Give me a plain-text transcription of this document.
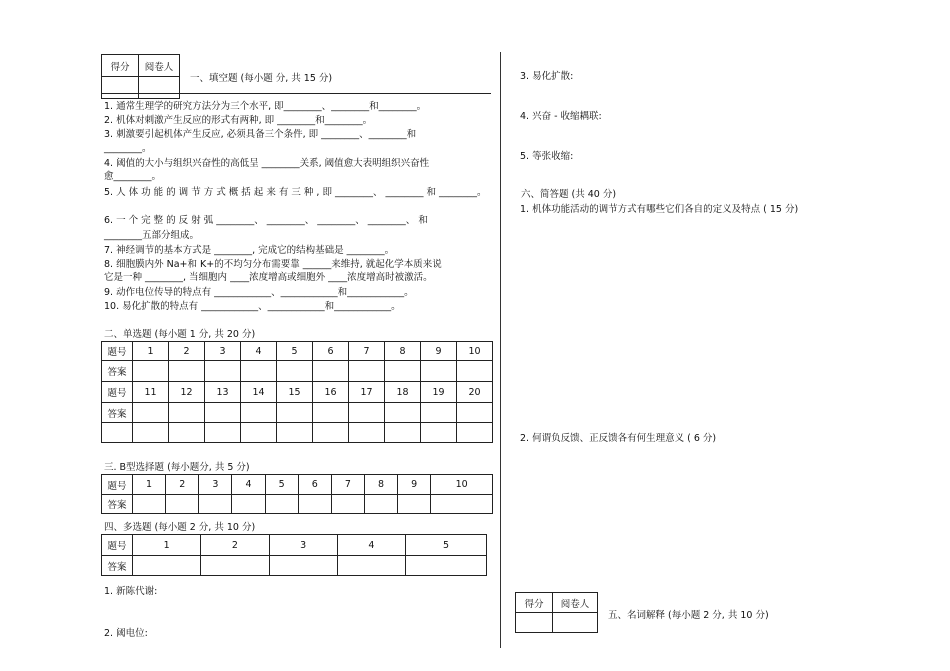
得分	阅卷人

一、填空题 (每小题 分, 共 15 分)
1. 通常生理学的研究方法分为三个水平, 即________、________和________。
2. 机体对刺激产生反应的形式有两种, 即 ________和________。
3. 刺激要引起机体产生反应, 必须具备三个条件, 即 ________、________和
________。
4. 阈值的大小与组织兴奋性的高低呈 ________关系, 阈值愈大表明组织兴奋性
愈________。
5. 人 体 功 能 的 调 节 方 式 概 括 起 来 有 三 种 , 即 ________、 ________ 和 ________。
6. 一 个 完 整 的 反 射 弧 ________、 ________、 ________、 ________、 和
________五部分组成。
7. 神经调节的基本方式是 ________, 完成它的结构基础是 ________。
8. 细胞膜内外 Na+和 K+的不均匀分布需要靠 ______来维持, 就起化学本质来说
它是一种 ________, 当细胞内 ____浓度增高或细胞外 ____浓度增高时被激活。
9. 动作电位传导的特点有 ____________、____________和____________。
10. 易化扩散的特点有 ____________、____________和____________。
二、单选题 (每小题 1 分, 共 20 分)
题号	1	2	3	4	5	6	7	8	9	10
答案										
题号	11	12	13	14	15	16	17	18	19	20
答案										

三. B型选择题 (每小题分, 共 5 分)
题号	1	2	3	4	5	6	7	8	9	10
答案										
四、多选题 (每小题 2 分, 共 10 分)
题号	1	2	3	4	5
答案					
1. 新陈代谢:
2. 阈电位:
3. 易化扩散:
4. 兴奋 - 收缩耦联:
5. 等张收缩:
六、简答题 (共 40 分)
1. 机体功能活动的调节方式有哪些它们各自的定义及特点 ( 15 分)
2. 何谓负反馈、正反馈各有何生理意义 ( 6 分)
得分	阅卷人

五、名词解释 (每小题 2 分, 共 10 分)
